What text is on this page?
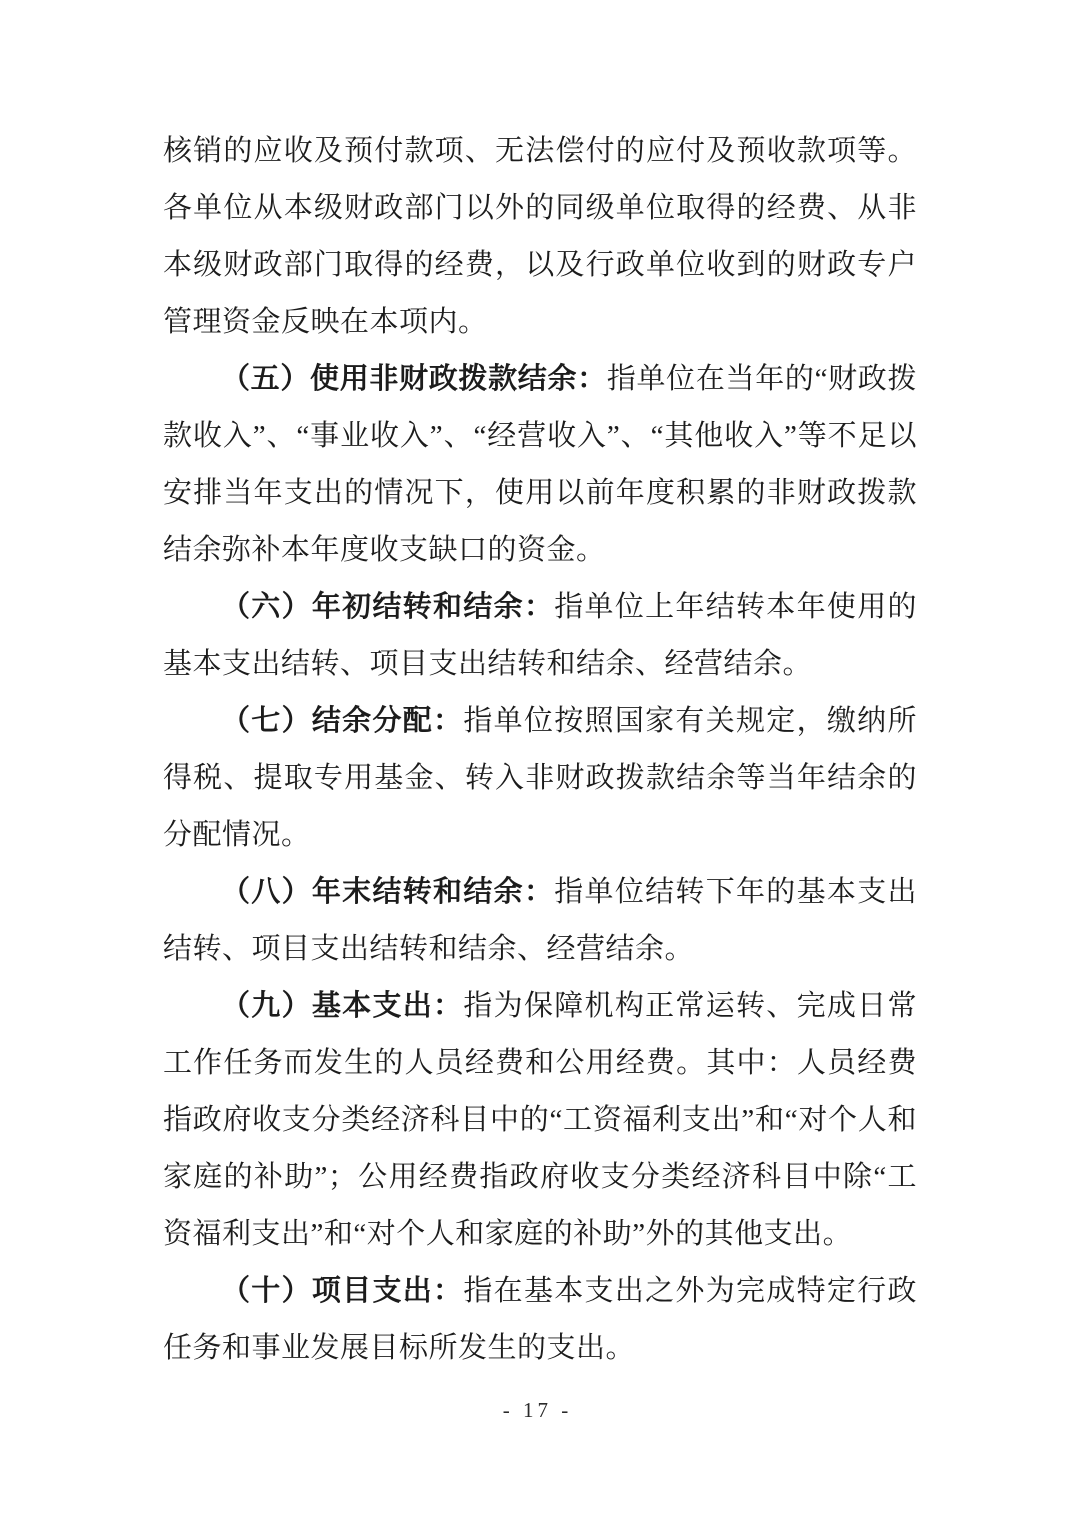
核销的应收及预付款项、无法偿付的应付及预收款项等。各单位从本级财政部门以外的同级单位取得的经费、从非本级财政部门取得的经费，以及行政单位收到的财政专户管理资金反映在本项内。

（五）使用非财政拨款结余：指单位在当年的“财政拨款收入”、“事业收入”、“经营收入”、“其他收入”等不足以安排当年支出的情况下，使用以前年度积累的非财政拨款结余弥补本年度收支缺口的资金。

（六）年初结转和结余：指单位上年结转本年使用的基本支出结转、项目支出结转和结余、经营结余。

（七）结余分配：指单位按照国家有关规定，缴纳所得税、提取专用基金、转入非财政拨款结余等当年结余的分配情况。

（八）年末结转和结余：指单位结转下年的基本支出结转、项目支出结转和结余、经营结余。

（九）基本支出：指为保障机构正常运转、完成日常工作任务而发生的人员经费和公用经费。其中：人员经费指政府收支分类经济科目中的“工资福利支出”和“对个人和家庭的补助”；公用经费指政府收支分类经济科目中除“工资福利支出”和“对个人和家庭的补助”外的其他支出。

（十）项目支出：指在基本支出之外为完成特定行政任务和事业发展目标所发生的支出。

- 17 -
